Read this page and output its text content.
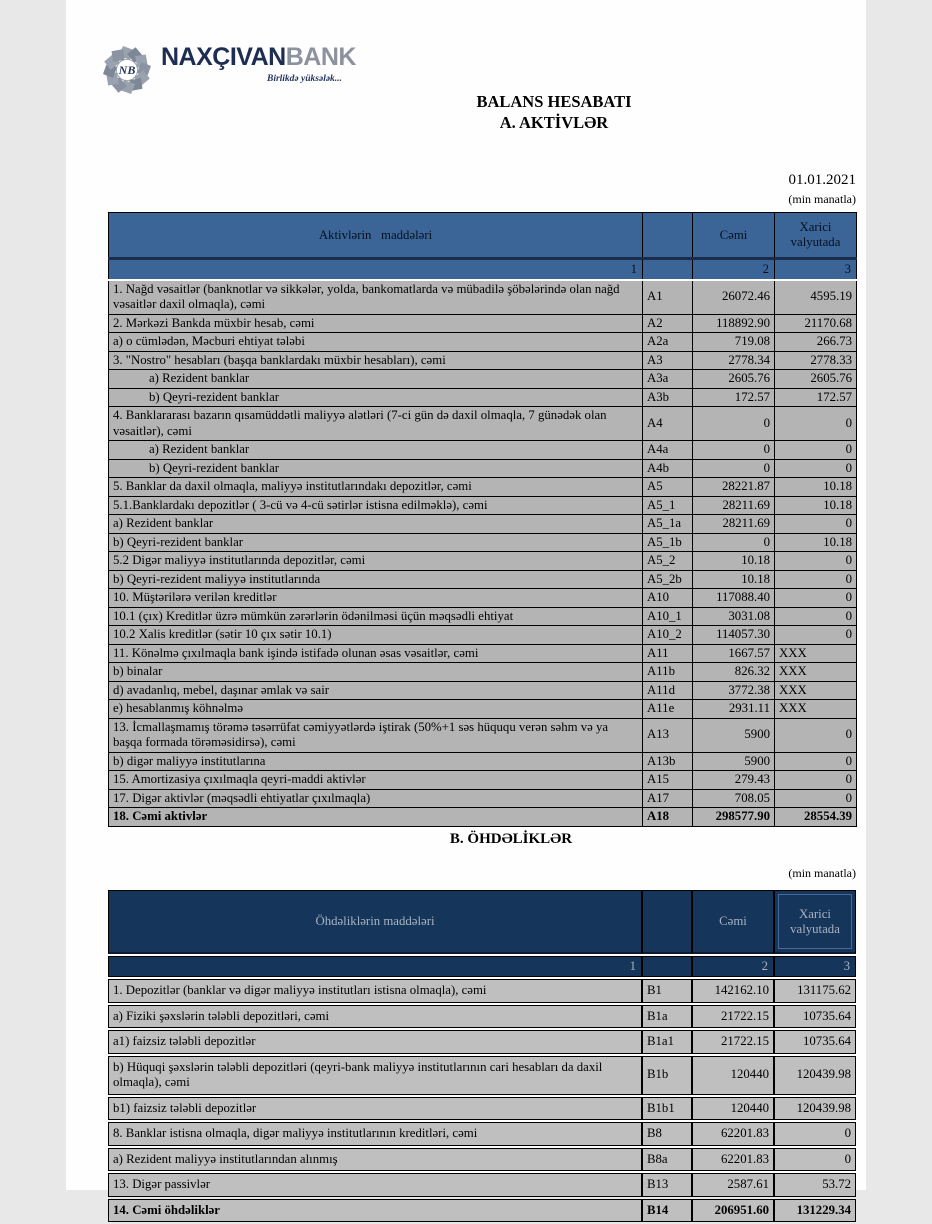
NB NAXÇIVANBANK
Birlikdə yüksələk...
BALANS HESABATI
A. AKTİVLƏR
01.01.2021
(min manatla)
Aktivlərin   maddələri		Cəmi	Xarici valyutada
1		2	3
1. Nağd vəsaitlər (banknotlar və sikkələr, yolda, bankomatlarda və mübadilə şöbələrində olan nağd vəsaitlər daxil olmaqla), cəmi	A1	26072.46	4595.19
2. Mərkəzi Bankda müxbir hesab, cəmi	A2	118892.90	21170.68
a) o cümlədən, Məcburi ehtiyat tələbi	A2a	719.08	266.73
3. "Nostro" hesabları (başqa banklardakı müxbir hesabları), cəmi	A3	2778.34	2778.33
a) Rezident banklar	A3a	2605.76	2605.76
b) Qeyri-rezident banklar	A3b	172.57	172.57
4. Banklararası bazarın qısamüddətli maliyyə alətləri (7-ci gün də daxil olmaqla, 7 günədək olan vəsaitlər), cəmi	A4	0	0
a) Rezident banklar	A4a	0	0
b) Qeyri-rezident banklar	A4b	0	0
5. Banklar da daxil olmaqla, maliyyə institutlarındakı depozitlər, cəmi	A5	28221.87	10.18
5.1.Banklardakı depozitlər ( 3-cü və 4-cü sətirlər istisna edilməklə), cəmi	A5_1	28211.69	10.18
a) Rezident banklar	A5_1a	28211.69	0
b) Qeyri-rezident banklar	A5_1b	0	10.18
5.2 Digər maliyyə institutlarında depozitlər, cəmi	A5_2	10.18	0
b) Qeyri-rezident maliyyə institutlarında	A5_2b	10.18	0
10. Müştərilərə verilən kreditlər	A10	117088.40	0
10.1 (çıx) Kreditlər üzrə mümkün zərərlərin ödənilməsi üçün məqsədli ehtiyat	A10_1	3031.08	0
10.2 Xalis kreditlər (sətir 10 çıx sətir 10.1)	A10_2	114057.30	0
11. Könəlmə çıxılmaqla bank işində istifadə olunan əsas vəsaitlər, cəmi	A11	1667.57	XXX
b) binalar	A11b	826.32	XXX
d) avadanlıq, mebel, daşınar əmlak və sair	A11d	3772.38	XXX
e) hesablanmış köhnəlmə	A11e	2931.11	XXX
13. İcmallaşmamış törəmə təsərrüfat cəmiyyətlərdə iştirak (50%+1 səs hüququ verən səhm və ya başqa formada törəməsidirsə), cəmi	A13	5900	0
b) digər maliyyə institutlarına	A13b	5900	0
15. Amortizasiya çıxılmaqla qeyri-maddi aktivlər	A15	279.43	0
17. Digər aktivlər (məqsədli ehtiyatlar çıxılmaqla)	A17	708.05	0
18. Cəmi aktivlər	A18	298577.90	28554.39
B. ÖHDƏLİKLƏR
(min manatla)
Öhdəliklərin maddələri		Cəmi	Xarici valyutada
1		2	3
1. Depozitlər (banklar və digər maliyyə institutları istisna olmaqla), cəmi	B1	142162.10	131175.62
a) Fiziki şəxslərin tələbli depozitləri, cəmi	B1a	21722.15	10735.64
a1) faizsiz tələbli depozitlər	B1a1	21722.15	10735.64
b) Hüquqi şəxslərin tələbli depozitləri (qeyri-bank maliyyə institutlarının cari hesabları da daxil olmaqla), cəmi	B1b	120440	120439.98
b1) faizsiz tələbli depozitlər	B1b1	120440	120439.98
8. Banklar istisna olmaqla, digər maliyyə institutlarının kreditləri, cəmi	B8	62201.83	0
a) Rezident maliyyə institutlarından alınmış	B8a	62201.83	0
13. Digər passivlər	B13	2587.61	53.72
14. Cəmi öhdəliklər	B14	206951.60	131229.34
